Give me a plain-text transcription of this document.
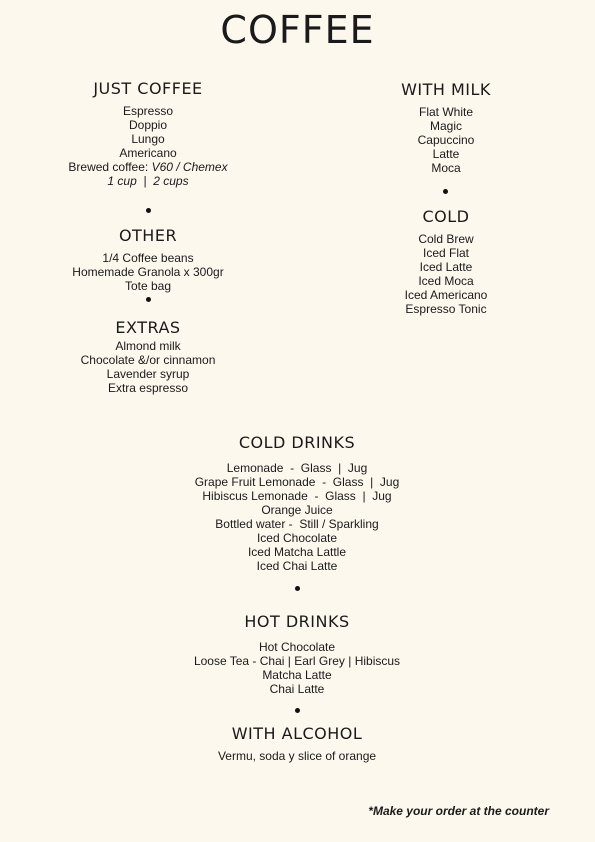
COFFEE
JUST COFFEE
Espresso
Doppio
Lungo
Americano
Brewed coffee: V60 / Chemex
1 cup  |  2 cups
OTHER
1/4 Coffee beans
Homemade Granola x 300gr
Tote bag
EXTRAS
Almond milk
Chocolate &/or cinnamon
Lavender syrup
Extra espresso
WITH MILK
Flat White
Magic
Capuccino
Latte
Moca
COLD
Cold Brew
Iced Flat
Iced Latte
Iced Moca
Iced Americano
Espresso Tonic
COLD DRINKS
Lemonade  -  Glass  |  Jug
Grape Fruit Lemonade  -  Glass  |  Jug
Hibiscus Lemonade  -  Glass  |  Jug
Orange Juice
Bottled water -  Still / Sparkling
Iced Chocolate
Iced Matcha Lattle
Iced Chai Latte
HOT DRINKS
Hot Chocolate
Loose Tea - Chai | Earl Grey | Hibiscus
Matcha Latte
Chai Latte
WITH ALCOHOL
Vermu, soda y slice of orange
*Make your order at the counter
